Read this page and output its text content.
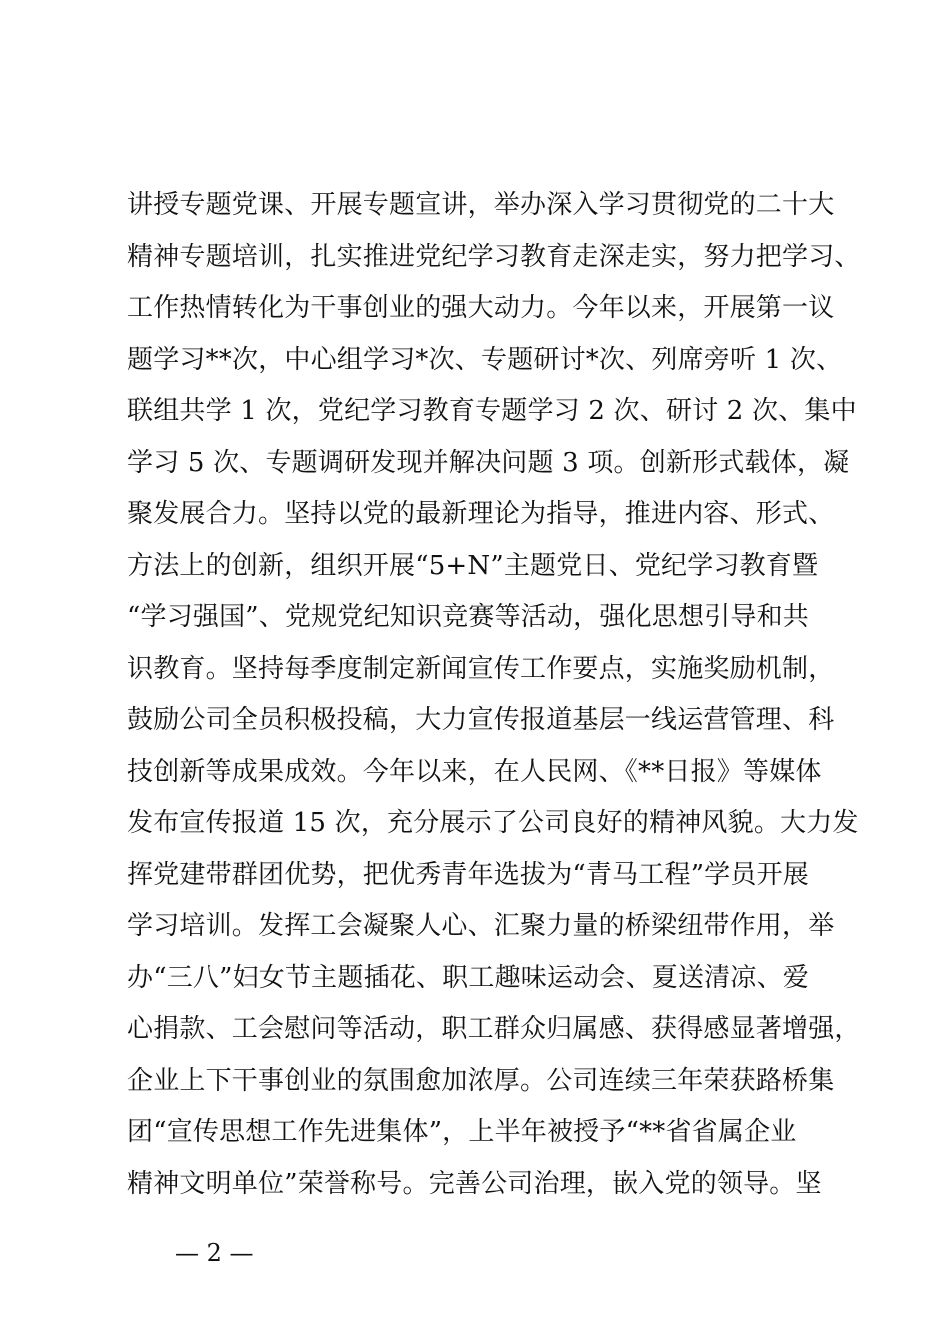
讲授专题党课、开展专题宣讲，举办深入学习贯彻党的二十大
精神专题培训，扎实推进党纪学习教育走深走实，努力把学习、
工作热情转化为干事创业的强大动力。今年以来，开展第一议
题学习**次，中心组学习*次、专题研讨*次、列席旁听 1 次、
联组共学 1 次，党纪学习教育专题学习 2 次、研讨 2 次、集中
学习 5 次、专题调研发现并解决问题 3 项。创新形式载体，凝
聚发展合力。坚持以党的最新理论为指导，推进内容、形式、
方法上的创新，组织开展“5+N”主题党日、党纪学习教育暨
“学习强国”、党规党纪知识竞赛等活动，强化思想引导和共
识教育。坚持每季度制定新闻宣传工作要点，实施奖励机制，
鼓励公司全员积极投稿，大力宣传报道基层一线运营管理、科
技创新等成果成效。今年以来，在人民网、《**日报》等媒体
发布宣传报道 15 次，充分展示了公司良好的精神风貌。大力发
挥党建带群团优势，把优秀青年选拔为“青马工程”学员开展
学习培训。发挥工会凝聚人心、汇聚力量的桥梁纽带作用，举
办“三八”妇女节主题插花、职工趣味运动会、夏送清凉、爱
心捐款、工会慰问等活动，职工群众归属感、获得感显著增强，
企业上下干事创业的氛围愈加浓厚。公司连续三年荣获路桥集
团“宣传思想工作先进集体”，上半年被授予“**省省属企业
精神文明单位”荣誉称号。完善公司治理，嵌入党的领导。坚
— 2 —
